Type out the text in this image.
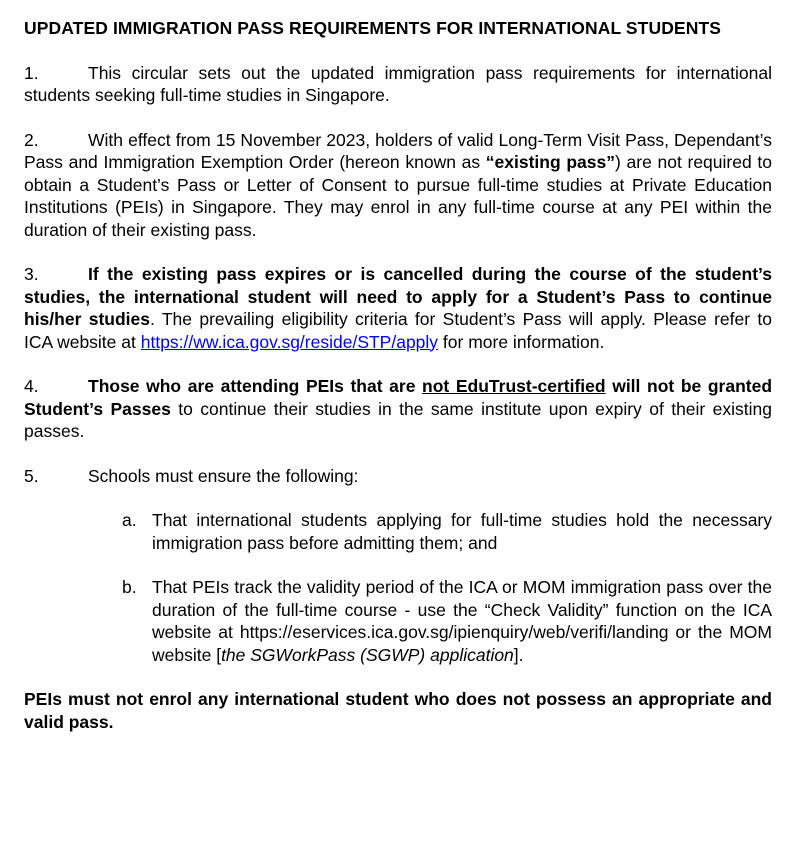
UPDATED IMMIGRATION PASS REQUIREMENTS FOR INTERNATIONAL STUDENTS

1.	This circular sets out the updated immigration pass requirements for international students seeking full-time studies in Singapore.

2.	With effect from 15 November 2023, holders of valid Long-Term Visit Pass, Dependant’s Pass and Immigration Exemption Order (hereon known as “existing pass”) are not required to obtain a Student’s Pass or Letter of Consent to pursue full-time studies at Private Education Institutions (PEIs) in Singapore. They may enrol in any full-time course at any PEI within the duration of their existing pass.

3.	If the existing pass expires or is cancelled during the course of the student’s studies, the international student will need to apply for a Student’s Pass to continue his/her studies. The prevailing eligibility criteria for Student’s Pass will apply. Please refer to ICA website at https://ww.ica.gov.sg/reside/STP/apply for more information.

4.	Those who are attending PEIs that are not EduTrust-certified will not be granted Student’s Passes to continue their studies in the same institute upon expiry of their existing passes.

5.	Schools must ensure the following:

a. That international students applying for full-time studies hold the necessary immigration pass before admitting them; and

b. That PEIs track the validity period of the ICA or MOM immigration pass over the duration of the full-time course - use the “Check Validity” function on the ICA website at https://eservices.ica.gov.sg/ipienquiry/web/verifi/landing or the MOM website [the SGWorkPass (SGWP) application].

PEIs must not enrol any international student who does not possess an appropriate and valid pass.
